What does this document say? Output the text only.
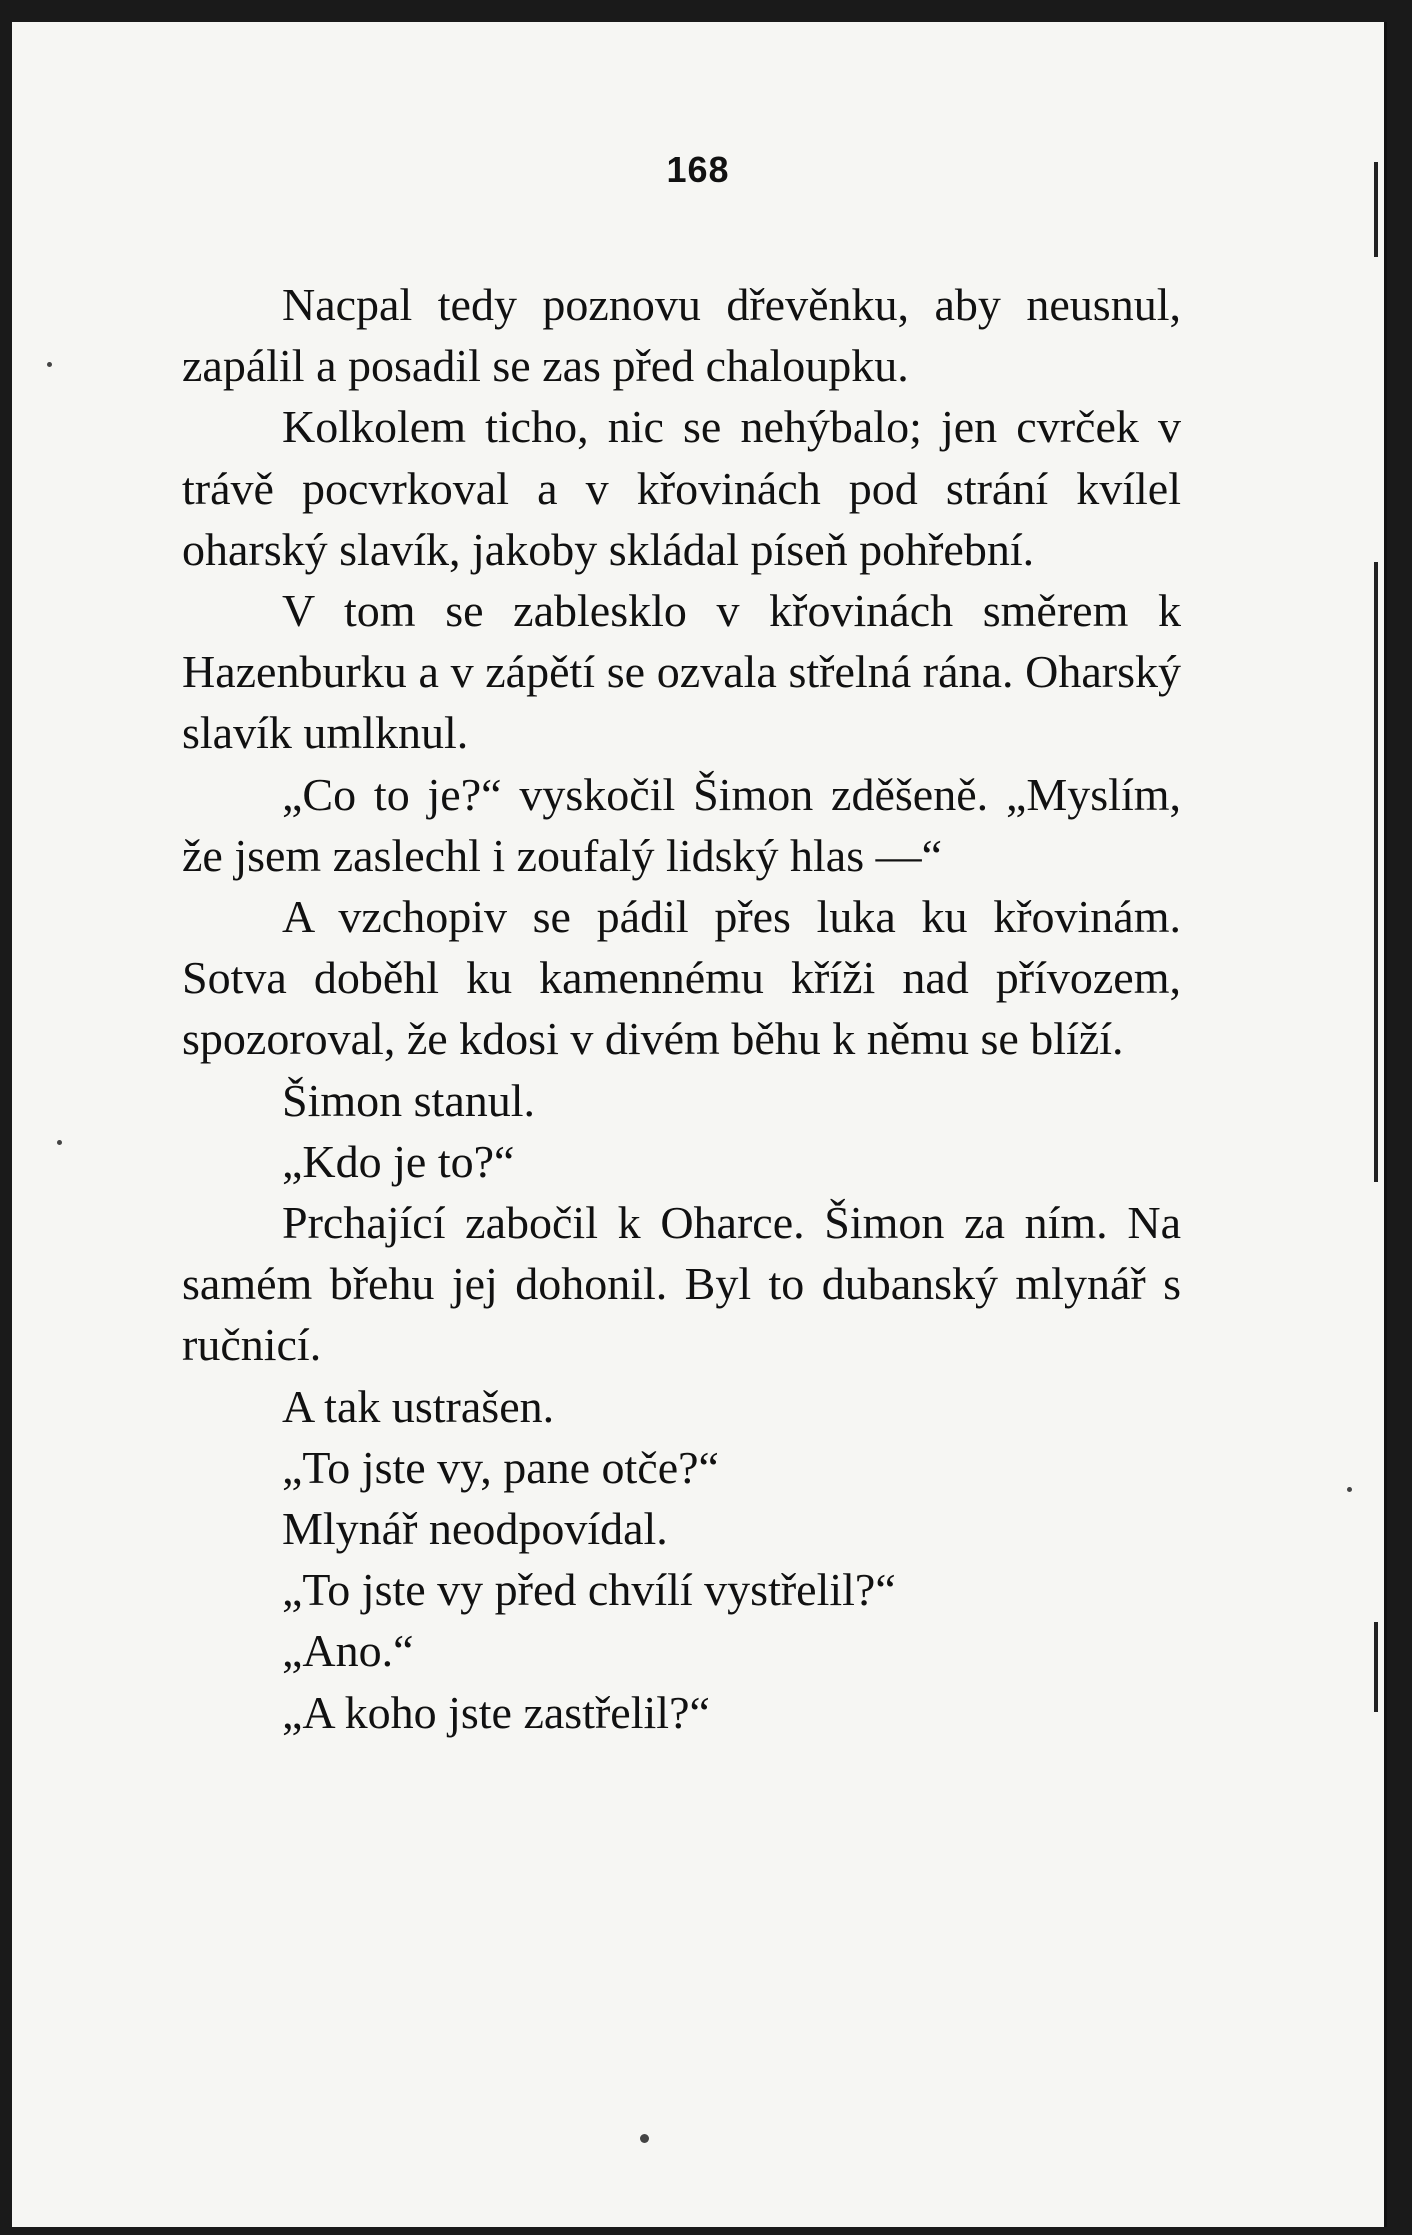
168

Nacpal tedy poznovu dřevěnku, aby neusnul, zapálil a posadil se zas před chaloupku.

Kolkolem ticho, nic se nehýbalo; jen cvrček v trávě pocvrkoval a v křovinách pod strání kvílel oharský slavík, jakoby skládal píseň pohřební.

V tom se zablesklo v křovinách směrem k Hazenburku a v zápětí se ozvala střelná rána. Oharský slavík umlknul.

„Co to je?“ vyskočil Šimon zděšeně. „Myslím, že jsem zaslechl i zoufalý lidský hlas —“

A vzchopiv se pádil přes luka ku křovinám. Sotva doběhl ku kamennému kříži nad přívozem, spozoroval, že kdosi v divém běhu k němu se blíží.

Šimon stanul.

„Kdo je to?“

Prchající zabočil k Oharce. Šimon za ním. Na samém břehu jej dohonil. Byl to dubanský mlynář s ručnicí.

A tak ustrašen.

„To jste vy, pane otče?“

Mlynář neodpovídal.

„To jste vy před chvílí vystřelil?“

„Ano.“

„A koho jste zastřelil?“
